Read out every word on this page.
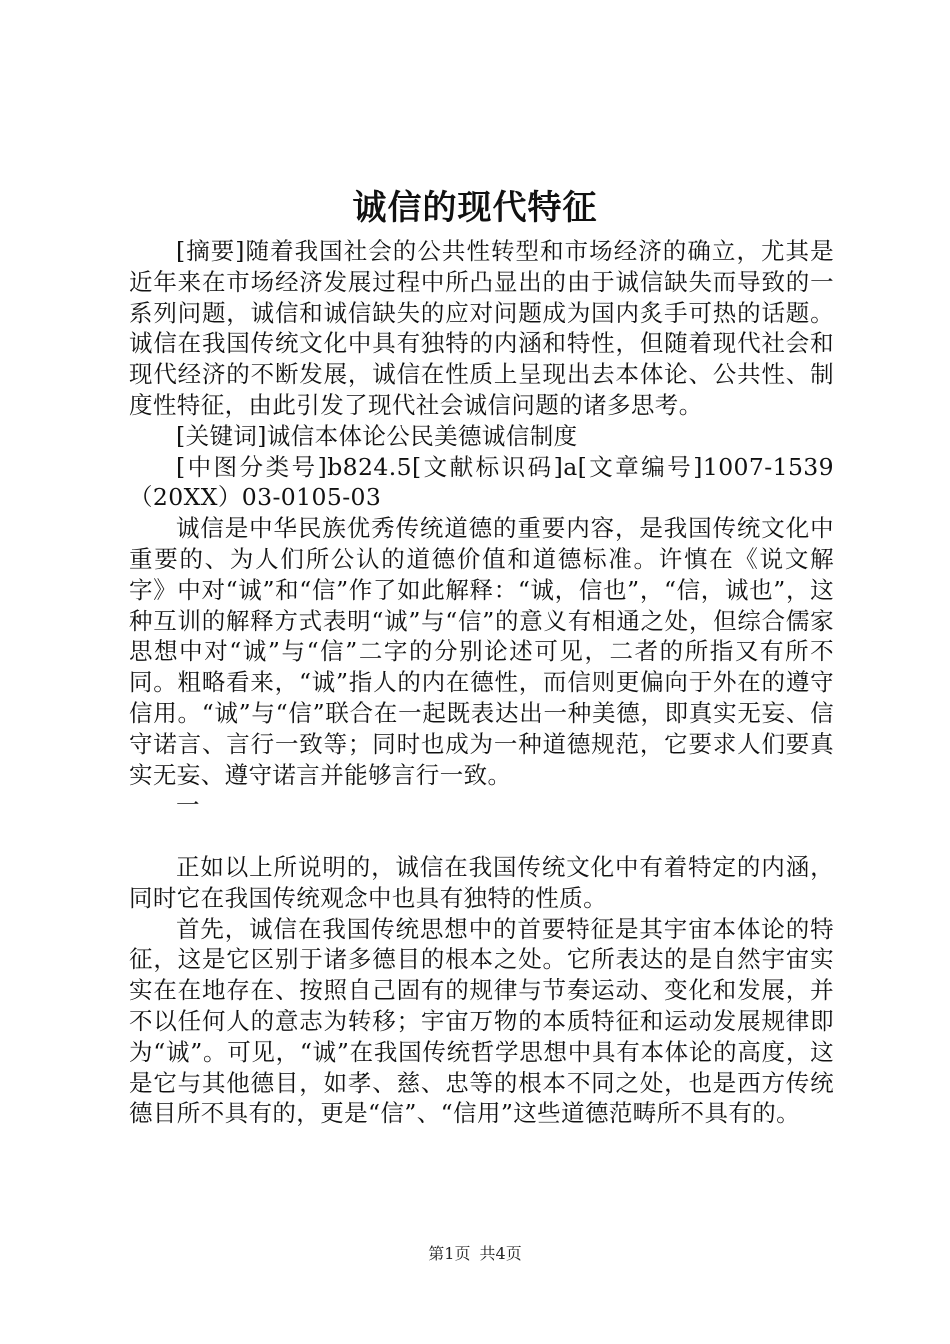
诚信的现代特征

[摘要]随着我国社会的公共性转型和市场经济的确立，尤其是近年来在市场经济发展过程中所凸显出的由于诚信缺失而导致的一系列问题，诚信和诚信缺失的应对问题成为国内炙手可热的话题。诚信在我国传统文化中具有独特的内涵和特性，但随着现代社会和现代经济的不断发展，诚信在性质上呈现出去本体论、公共性、制度性特征，由此引发了现代社会诚信问题的诸多思考。

[关键词]诚信本体论公民美德诚信制度

[中图分类号]b824.5[文献标识码]a[文章编号]1007-1539（20XX）03-0105-03

诚信是中华民族优秀传统道德的重要内容，是我国传统文化中重要的、为人们所公认的道德价值和道德标准。许慎在《说文解字》中对“诚”和“信”作了如此解释：“诚，信也”，“信，诚也”，这种互训的解释方式表明“诚”与“信”的意义有相通之处，但综合儒家思想中对“诚”与“信”二字的分别论述可见，二者的所指又有所不同。粗略看来，“诚”指人的内在德性，而信则更偏向于外在的遵守信用。“诚”与“信”联合在一起既表达出一种美德，即真实无妄、信守诺言、言行一致等；同时也成为一种道德规范，它要求人们要真实无妄、遵守诺言并能够言行一致。

一

正如以上所说明的，诚信在我国传统文化中有着特定的内涵，同时它在我国传统观念中也具有独特的性质。

首先，诚信在我国传统思想中的首要特征是其宇宙本体论的特征，这是它区别于诸多德目的根本之处。它所表达的是自然宇宙实实在在地存在、按照自己固有的规律与节奏运动、变化和发展，并不以任何人的意志为转移；宇宙万物的本质特征和运动发展规律即为“诚”。可见，“诚”在我国传统哲学思想中具有本体论的高度，这是它与其他德目，如孝、慈、忠等的根本不同之处，也是西方传统德目所不具有的，更是“信”、“信用”这些道德范畴所不具有的。

第1页 共4页
